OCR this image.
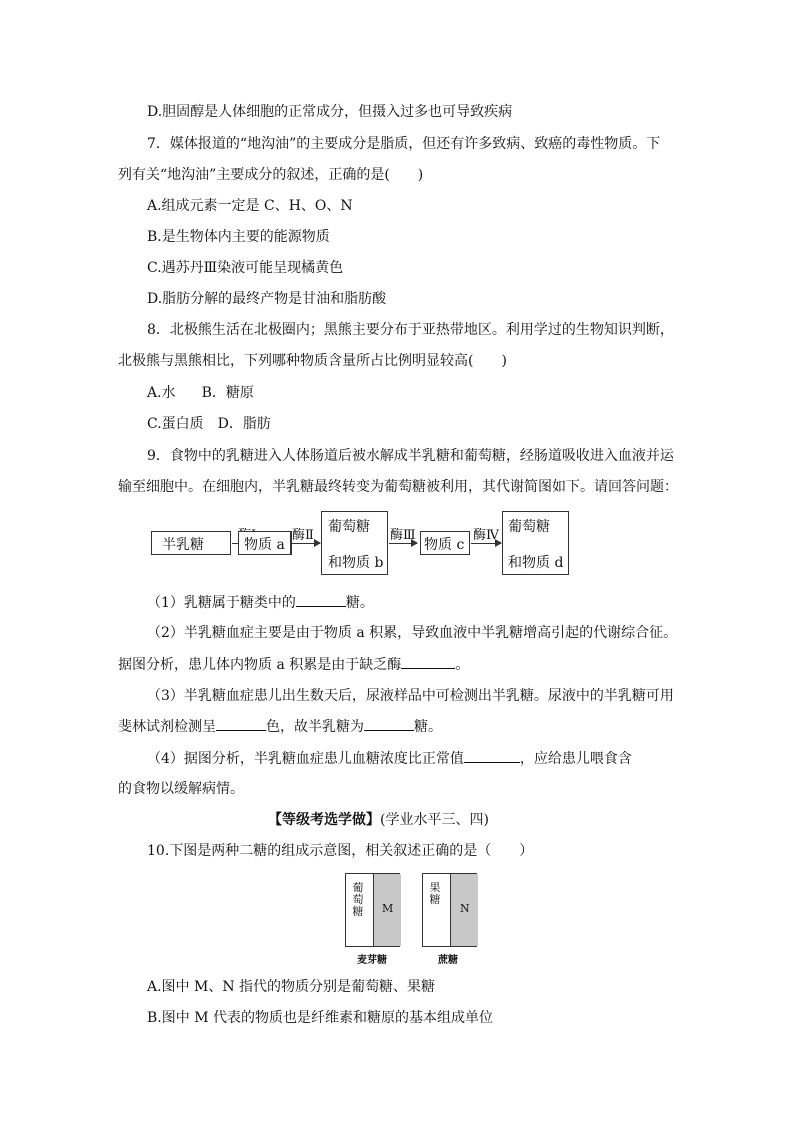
D.胆固醇是人体细胞的正常成分，但摄入过多也可导致疾病
7．媒体报道的“地沟油”的主要成分是脂质，但还有许多致病、致癌的毒性物质。下
列有关“地沟油”主要成分的叙述，正确的是(　　)
A.组成元素一定是 C、H、O、N
B.是生物体内主要的能源物质
C.遇苏丹Ⅲ染液可能呈现橘黄色
D.脂肪分解的最终产物是甘油和脂肪酸
8．北极熊生活在北极圈内；黑熊主要分布于亚热带地区。利用学过的生物知识判断，
北极熊与黑熊相比，下列哪种物质含量所占比例明显较高(　　)
A.水 B．糖原
C.蛋白质 D．脂肪
9．食物中的乳糖进入人体肠道后被水解成半乳糖和葡萄糖，经肠道吸收进入血液并运
输至细胞中。在细胞内，半乳糖最终转变为葡萄糖被利用，其代谢简图如下。请回答问题：
半乳糖	物质 a
酶Ⅱ
葡萄糖
和物质 b
酶Ⅲ
物质 c
酶Ⅳ
葡萄糖
和物质 d
（1）乳糖属于糖类中的	糖。
（2）半乳糖血症主要是由于物质 a 积累，导致血液中半乳糖增高引起的代谢综合征。
据图分析，患儿体内物质 a 积累是由于缺乏酶	。
（3）半乳糖血症患儿出生数天后，尿液样品中可检测出半乳糖。尿液中的半乳糖可用
斐林试剂检测呈	色，故半乳糖为	糖。
（4）据图分析，半乳糖血症患儿血糖浓度比正常值	，应给患儿喂食含
的食物以缓解病情。
【等级考选学做】(学业水平三、四)
10.下图是两种二糖的组成示意图，相关叙述正确的是（　　）
葡萄糖 M
麦芽糖
果糖
N
蔗糖
A.图中 M、N 指代的物质分别是葡萄糖、果糖
B.图中 M 代表的物质也是纤维素和糖原的基本组成单位
